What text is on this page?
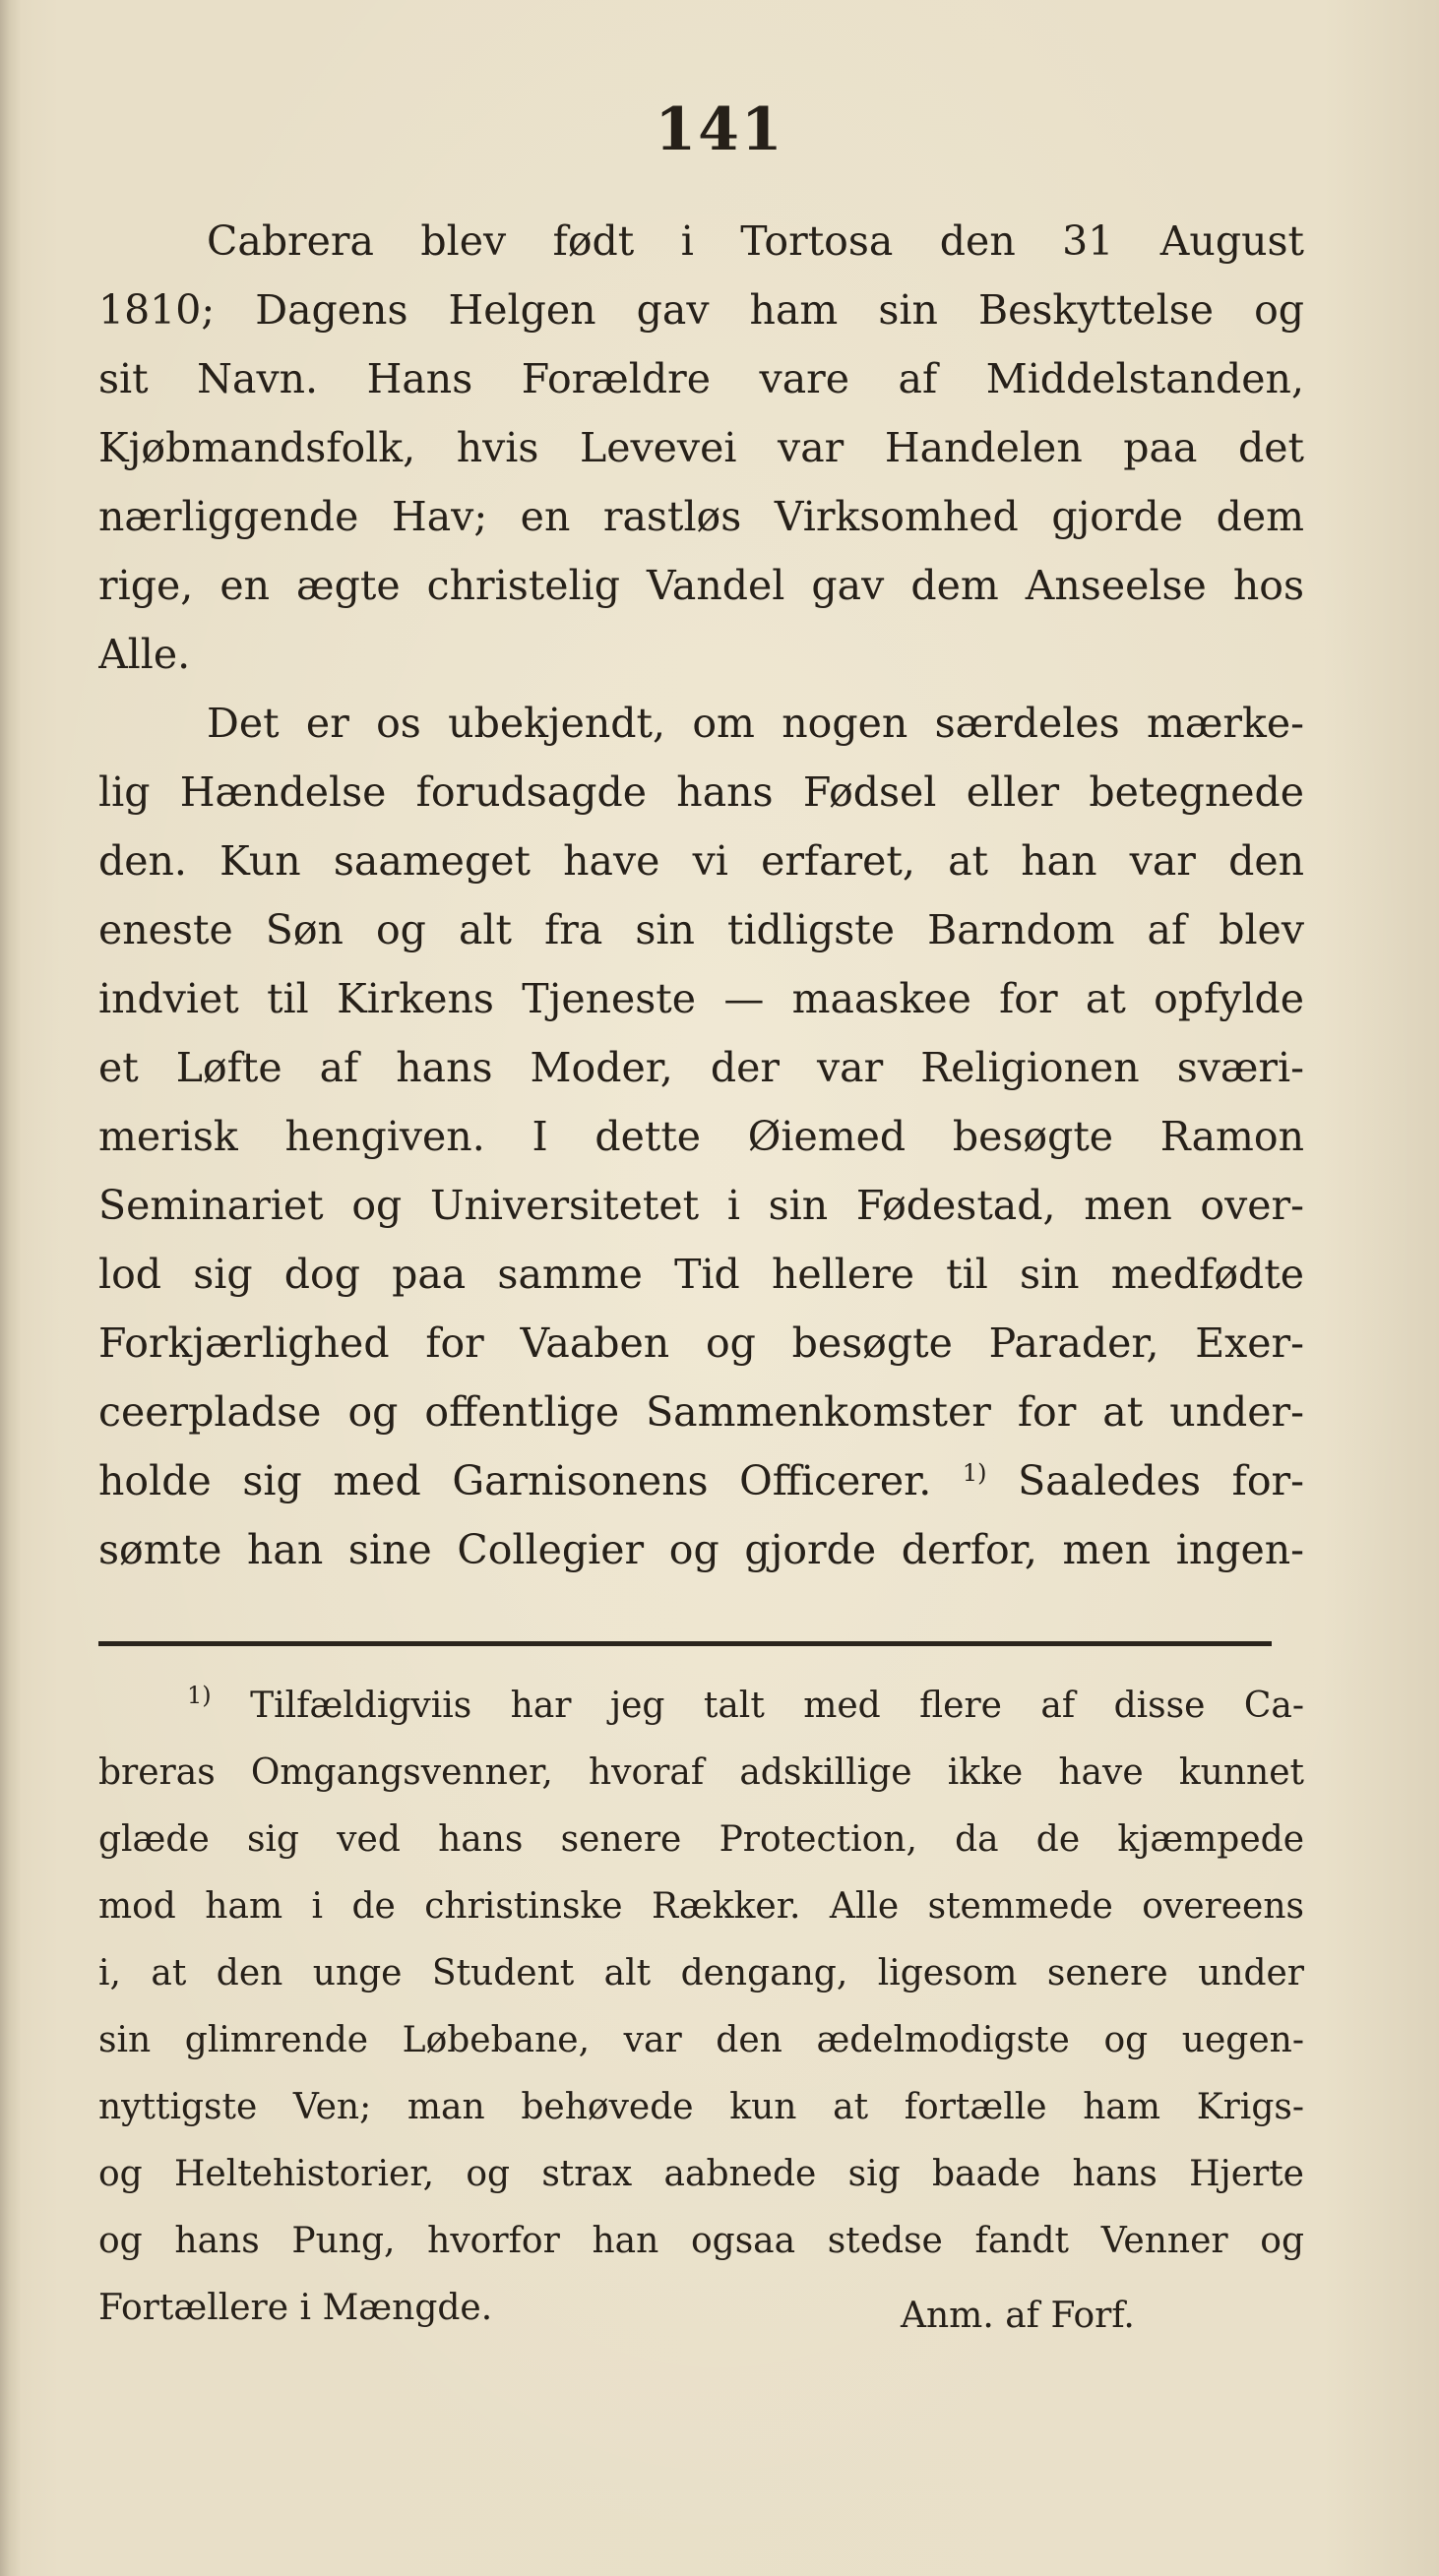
141
Cabrera blev født i Tortosa den 31 August
1810; Dagens Helgen gav ham sin Beskyttelse og
sit Navn. Hans Forældre vare af Middelstanden,
Kjøbmandsfolk, hvis Levevei var Handelen paa det
nærliggende Hav; en rastløs Virksomhed gjorde dem
rige, en ægte christelig Vandel gav dem Anseelse hos
Alle.
Det er os ubekjendt, om nogen særdeles mærke-
lig Hændelse forudsagde hans Fødsel eller betegnede
den. Kun saameget have vi erfaret, at han var den
eneste Søn og alt fra sin tidligste Barndom af blev
indviet til Kirkens Tjeneste — maaskee for at opfylde
et Løfte af hans Moder, der var Religionen sværi-
merisk hengiven. I dette Øiemed besøgte Ramon
Seminariet og Universitetet i sin Fødestad, men over-
lod sig dog paa samme Tid hellere til sin medfødte
Forkjærlighed for Vaaben og besøgte Parader, Exer-
ceerpladse og offentlige Sammenkomster for at under-
holde sig med Garnisonens Officerer. $^{1)}$ Saaledes for-
sømte han sine Collegier og gjorde derfor, men ingen-
$^{1)}$ Tilfældigviis har jeg talt med flere af disse Ca-
breras Omgangsvenner, hvoraf adskillige ikke have kunnet
glæde sig ved hans senere Protection, da de kjæmpede
mod ham i de christinske Rækker. Alle stemmede overeens
i, at den unge Student alt dengang, ligesom senere under
sin glimrende Løbebane, var den ædelmodigste og uegen-
nyttigste Ven; man behøvede kun at fortælle ham Krigs-
og Heltehistorier, og strax aabnede sig baade hans Hjerte
og hans Pung, hvorfor han ogsaa stedse fandt Venner og
Fortællere i Mængde.	Anm. af Forf.
